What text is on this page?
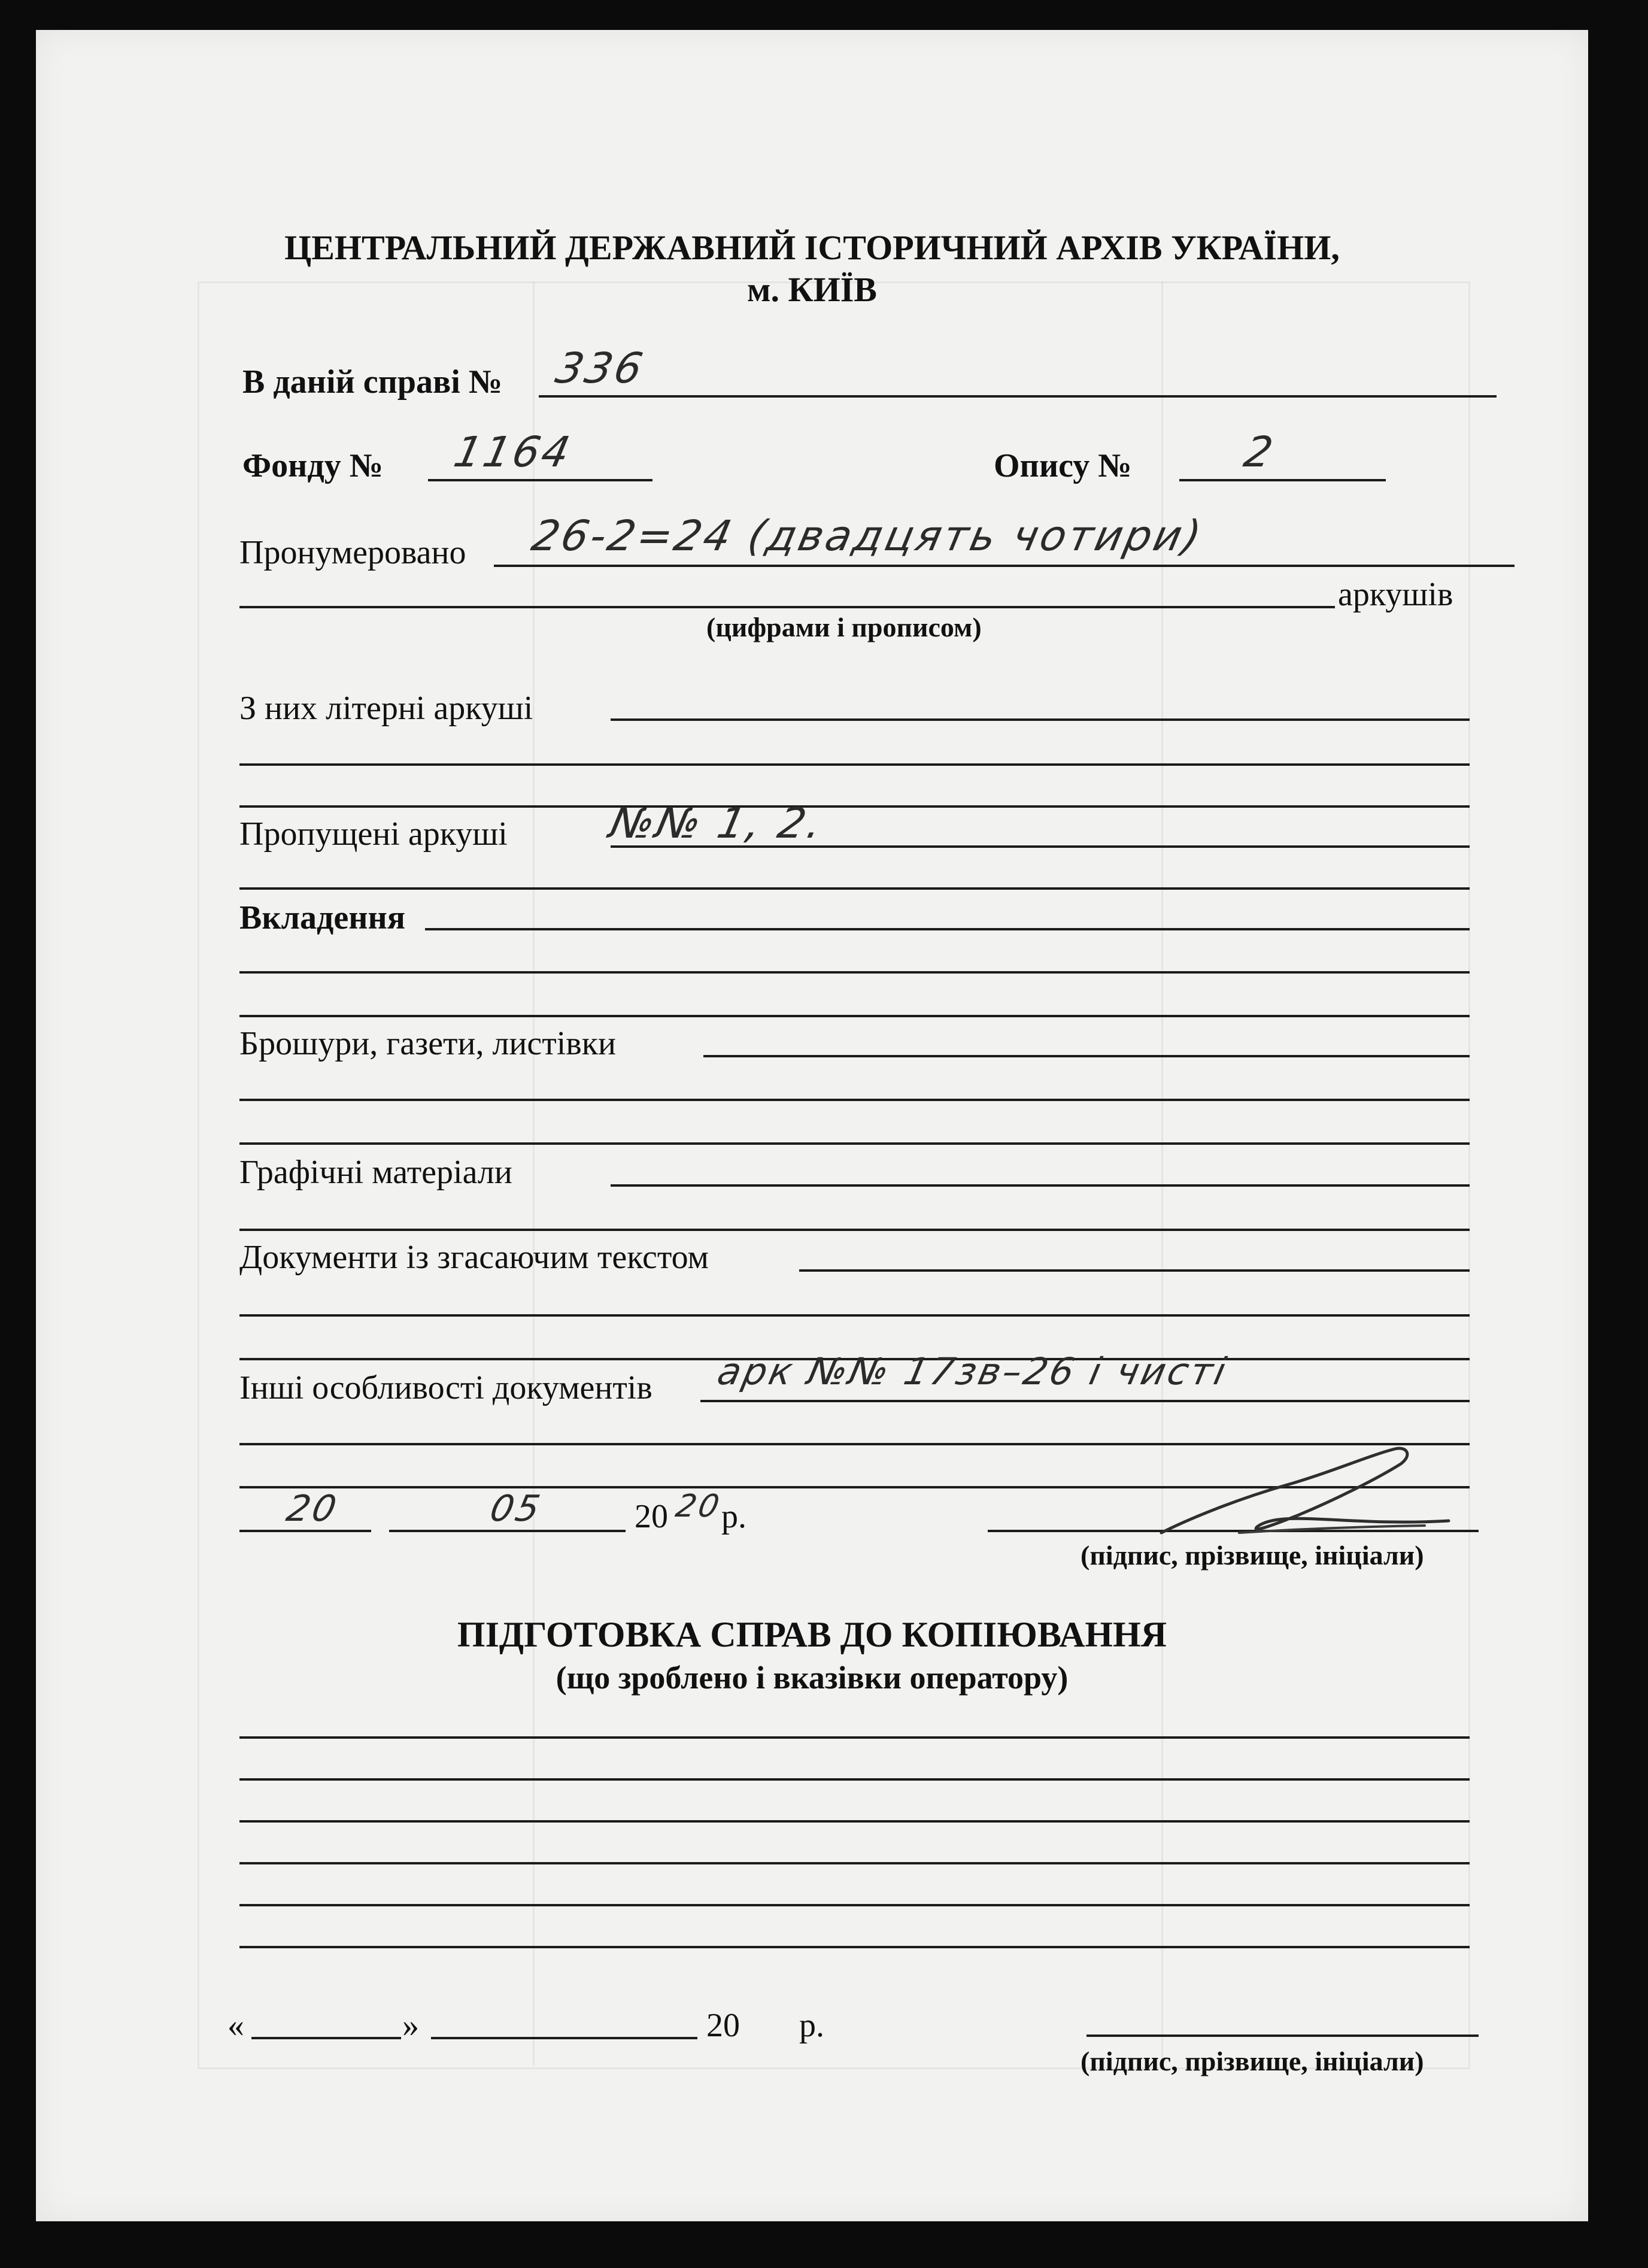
ЦЕНТРАЛЬНИЙ ДЕРЖАВНИЙ ІСТОРИЧНИЙ АРХІВ УКРАЇНИ,
м. КИЇВ
В даній справі № 336
Фонду № 1164	Опису №	2
Пронумеровано 26-2=24 (двадцять чотири)
аркушів
(цифрами і прописом)
З них літерні аркуші
Пропущені аркуші №№ 1, 2.
Вкладення
Брошури, газети, листівки
Графічні матеріали
Документи із згасаючим текстом
Інші особливості документів арк №№ 17зв–26 і чисті
20	05	20 20
р.
(підпис, прізвище, ініціали)
ПІДГОТОВКА СПРАВ ДО КОПІЮВАННЯ
(що зроблено і вказівки оператору)
«	»	20 р.
(підпис, прізвище, ініціали)
